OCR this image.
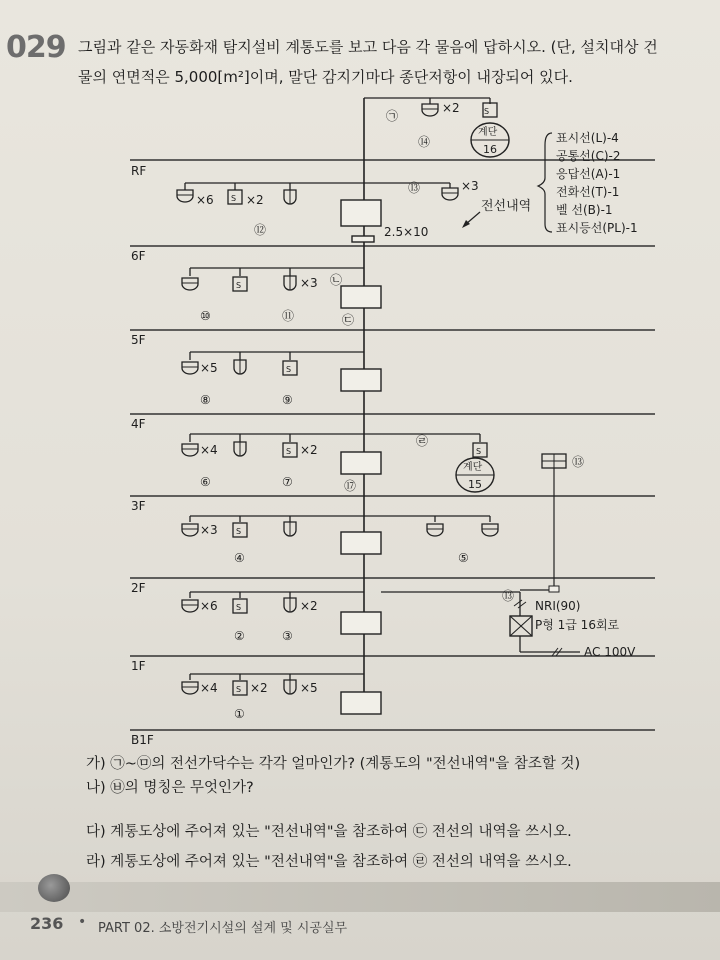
029 그림과 같은 자동화재 탐지설비 계통도를 보고 다음 각 물음에 답하시오. (단, 설치대상 건
물의 연면적은 5,000[m²]이며, 말단 감지기마다 종단저항이 내장되어 있다.
RF
6F
5F
4F
3F
2F
1F
B1F
S
×2
㉠
⑭
계단
16
×6 S ×2
×3
⑬
⑫	2.5×10
전선내역
표시선(L)-4
공통선(C)-2
응답선(A)-1
전화선(T)-1
벨 선(B)-1
표시등선(PL)-1
S	×3 ㉡
⑩	⑪	㉢
×5	S
⑧	⑨
×4	S ×2	S
㉣
⑥	⑦	⑰
계단
15
⑬
×3 S
④	⑤
×6 S	×2
②	③
⑬
NRI(90)
P형 1급 16회로
AC 100V
×4 S ×2	×5
①
가) ㉠~㉤의 전선가닥수는 각각 얼마인가? (계통도의 "전선내역"을 참조할 것)
나) ㉥의 명칭은 무엇인가?
다) 계통도상에 주어져 있는 "전선내역"을 참조하여 ㉢ 전선의 내역을 쓰시오.
라) 계통도상에 주어져 있는 "전선내역"을 참조하여 ㉣ 전선의 내역을 쓰시오.
236 • PART 02. 소방전기시설의 설계 및 시공실무
